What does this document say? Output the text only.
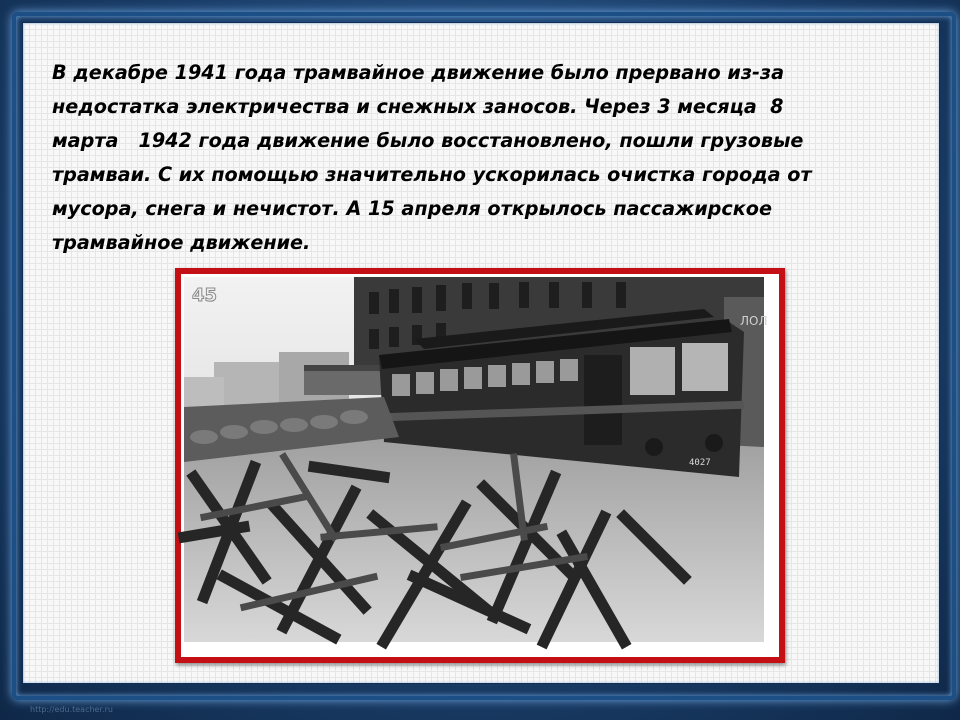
В декабре 1941 года трамвайное движение было прервано из-за
недостатка электричества и снежных заносов. Через 3 месяца  8
марта   1942 года движение было восстановлено, пошли грузовые
трамваи. С их помощью значительно ускорилась очистка города от
мусора, снега и нечистот. А 15 апреля открылось пассажирское
трамвайное движение.

ЛОЛ
4027
45
http://edu.teacher.ru
